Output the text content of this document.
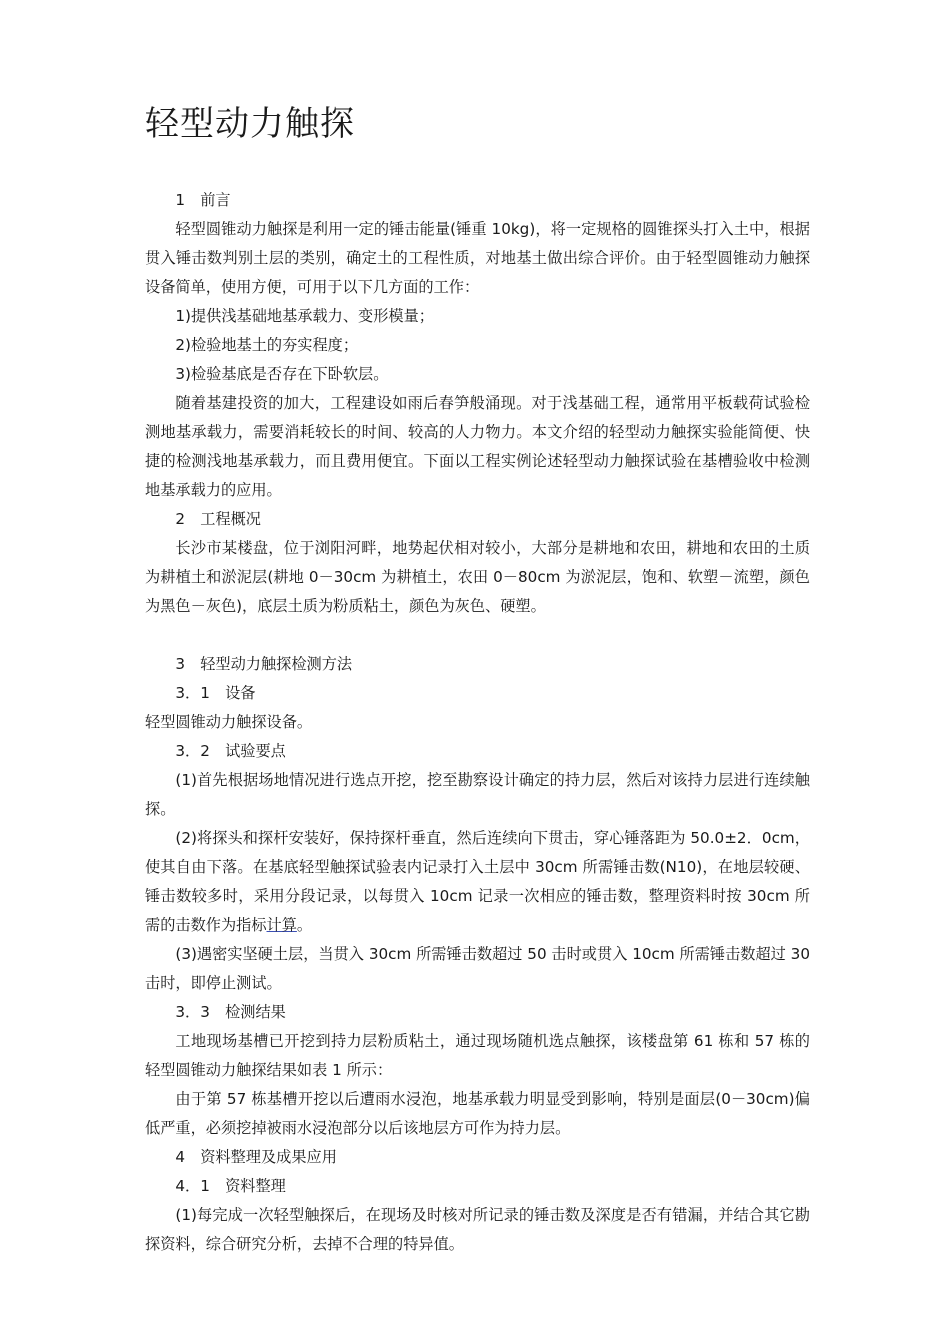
轻型动力触探

1　前言

轻型圆锥动力触探是利用一定的锤击能量(锤重 10kg)，将一定规格的圆锥探头打入土中，根据贯入锤击数判别土层的类别，确定土的工程性质，对地基土做出综合评价。由于轻型圆锥动力触探设备简单，使用方便，可用于以下几方面的工作：

1)提供浅基础地基承载力、变形模量；

2)检验地基土的夯实程度；

3)检验基底是否存在下卧软层。

随着基建投资的加大，工程建设如雨后春笋般涌现。对于浅基础工程，通常用平板载荷试验检测地基承载力，需要消耗较长的时间、较高的人力物力。本文介绍的轻型动力触探实验能简便、快捷的检测浅地基承载力，而且费用便宜。下面以工程实例论述轻型动力触探试验在基槽验收中检测地基承载力的应用。

2　工程概况

长沙市某楼盘，位于浏阳河畔，地势起伏相对较小，大部分是耕地和农田，耕地和农田的土质为耕植土和淤泥层(耕地 0－30cm 为耕植土，农田 0－80cm 为淤泥层，饱和、软塑－流塑，颜色为黑色－灰色)，底层土质为粉质粘土，颜色为灰色、硬塑。

3　轻型动力触探检测方法

3．1　设备

轻型圆锥动力触探设备。

3．2　试验要点

(1)首先根据场地情况进行选点开挖，挖至勘察设计确定的持力层，然后对该持力层进行连续触探。

(2)将探头和探杆安装好，保持探杆垂直，然后连续向下贯击，穿心锤落距为 50.0±2．0cm，使其自由下落。在基底轻型触探试验表内记录打入土层中 30cm 所需锤击数(N10)，在地层较硬、锤击数较多时，采用分段记录，以每贯入 10cm 记录一次相应的锤击数，整理资料时按 30cm 所需的击数作为指标计算。

(3)遇密实坚硬土层，当贯入 30cm 所需锤击数超过 50 击时或贯入 10cm 所需锤击数超过 30 击时，即停止测试。

3．3　检测结果

工地现场基槽已开挖到持力层粉质粘土，通过现场随机选点触探，该楼盘第 61 栋和 57 栋的轻型圆锥动力触探结果如表 1 所示：

由于第 57 栋基槽开挖以后遭雨水浸泡，地基承载力明显受到影响，特别是面层(0－30cm)偏低严重，必须挖掉被雨水浸泡部分以后该地层方可作为持力层。

4　资料整理及成果应用

4．1　资料整理

(1)每完成一次轻型触探后，在现场及时核对所记录的锤击数及深度是否有错漏，并结合其它勘探资料，综合研究分析，去掉不合理的特异值。
